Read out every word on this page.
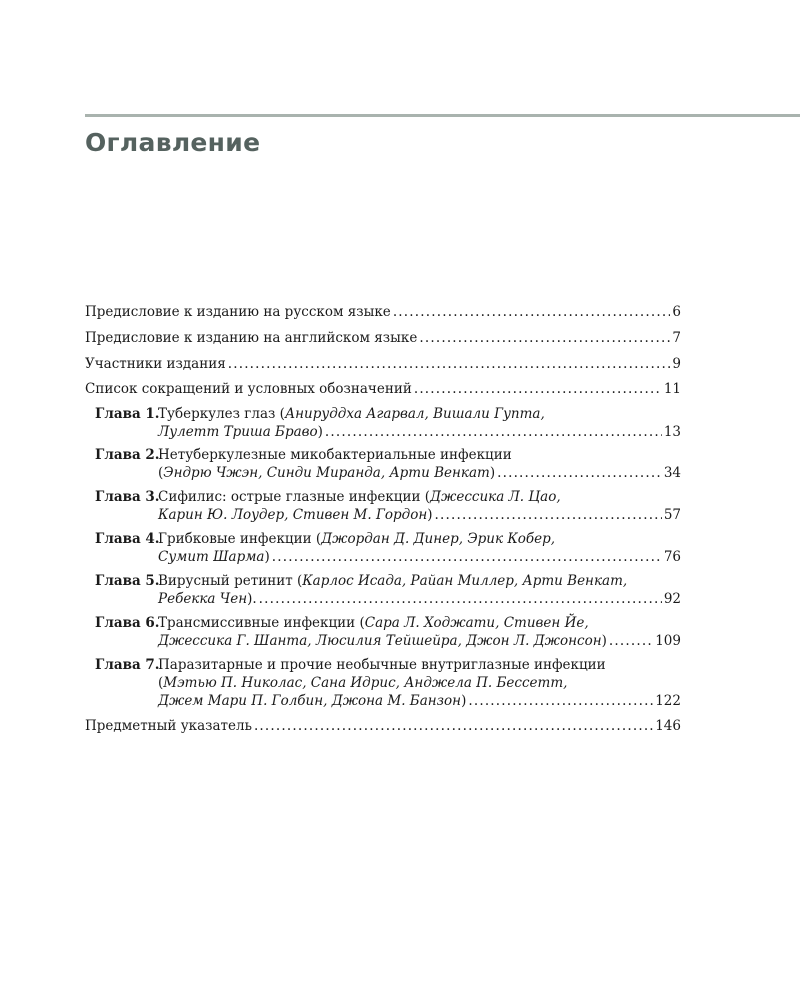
Оглавление
Предисловие к изданию на русском языке .....	6
Предисловие к изданию на английском языке .....	7
Участники издания .....	9
Список сокращений и условных обозначений .....	11
Глава 1.
Туберкулез глаз (Анируддха Агарвал, Вишали Гупта,
Лулетт Триша Браво) .....	13
Глава 2.
Нетуберкулезные микобактериальные инфекции
(Эндрю Чжэн, Синди Миранда, Арти Венкат) .....	34
Глава 3.
Сифилис: острые глазные инфекции (Джессика Л. Цао,
Карин Ю. Лоудер, Стивен М. Гордон) .....	57
Глава 4.
Грибковые инфекции (Джордан Д. Динер, Эрик Кобер,
Сумит Шарма) .....	76
Глава 5.
Вирусный ретинит (Карлос Исада, Райан Миллер, Арти Венкат,
Ребекка Чен). .....	92
Глава 6.
Трансмиссивные инфекции (Сара Л. Ходжати, Стивен Йе,
Джессика Г. Шанта, Люсилия Тейшейра, Джон Л. Джонсон) .....	109
Глава 7.
Паразитарные и прочие необычные внутриглазные инфекции
(Мэтью П. Николас, Сана Идрис, Анджела П. Бессетт,
Джем Мари П. Голбин, Джона М. Банзон) .....	122
Предметный указатель .....	146
